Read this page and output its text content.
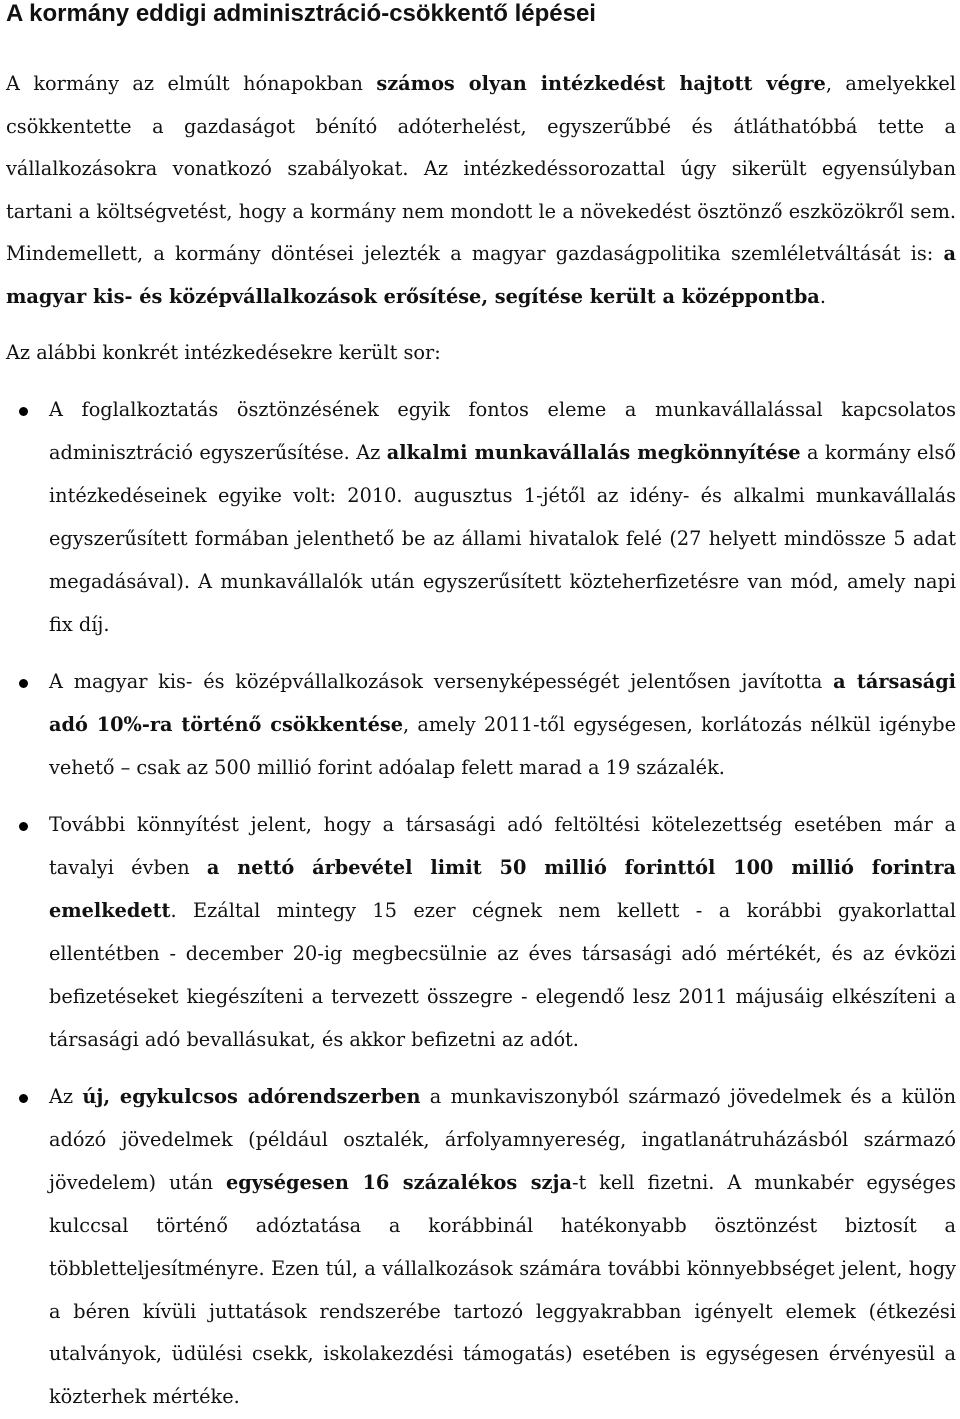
A kormány eddigi adminisztráció-csökkentő lépései

A kormány az elmúlt hónapokban számos olyan intézkedést hajtott végre, amelyekkel csökkentette a gazdaságot bénító adóterhelést, egyszerűbbé és átláthatóbbá tette a vállalkozásokra vonatkozó szabályokat. Az intézkedéssorozattal úgy sikerült egyensúlyban tartani a költségvetést, hogy a kormány nem mondott le a növekedést ösztönző eszközökről sem. Mindemellett, a kormány döntései jelezték a magyar gazdaságpolitika szemléletváltását is: a magyar kis- és középvállalkozások erősítése, segítése került a középpontba.

Az alábbi konkrét intézkedésekre került sor:

A foglalkoztatás ösztönzésének egyik fontos eleme a munkavállalással kapcsolatos adminisztráció egyszerűsítése. Az alkalmi munkavállalás megkönnyítése a kormány első intézkedéseinek egyike volt: 2010. augusztus 1-jétől az idény- és alkalmi munkavállalás egyszerűsített formában jelenthető be az állami hivatalok felé (27 helyett mindössze 5 adat megadásával). A munkavállalók után egyszerűsített közteherfizetésre van mód, amely napi fix díj.

A magyar kis- és középvállalkozások versenyképességét jelentősen javította a társasági adó 10%-ra történő csökkentése, amely 2011-től egységesen, korlátozás nélkül igénybe vehető – csak az 500 millió forint adóalap felett marad a 19 százalék.

További könnyítést jelent, hogy a társasági adó feltöltési kötelezettség esetében már a tavalyi évben a nettó árbevétel limit 50 millió forinttól 100 millió forintra emelkedett. Ezáltal mintegy 15 ezer cégnek nem kellett - a korábbi gyakorlattal ellentétben - december 20-ig megbecsülnie az éves társasági adó mértékét, és az évközi befizetéseket kiegészíteni a tervezett összegre - elegendő lesz 2011 májusáig elkészíteni a társasági adó bevallásukat, és akkor befizetni az adót.

Az új, egykulcsos adórendszerben a munkaviszonyból származó jövedelmek és a külön adózó jövedelmek (például osztalék, árfolyamnyereség, ingatlanátruházásból származó jövedelem) után egységesen 16 százalékos szja-t kell fizetni. A munkabér egységes kulccsal történő adóztatása a korábbinál hatékonyabb ösztönzést biztosít a többletteljesítményre. Ezen túl, a vállalkozások számára további könnyebbséget jelent, hogy a béren kívüli juttatások rendszerébe tartozó leggyakrabban igényelt elemek (étkezési utalványok, üdülési csekk, iskolakezdési támogatás) esetében is egységesen érvényesül a közterhek mértéke.
